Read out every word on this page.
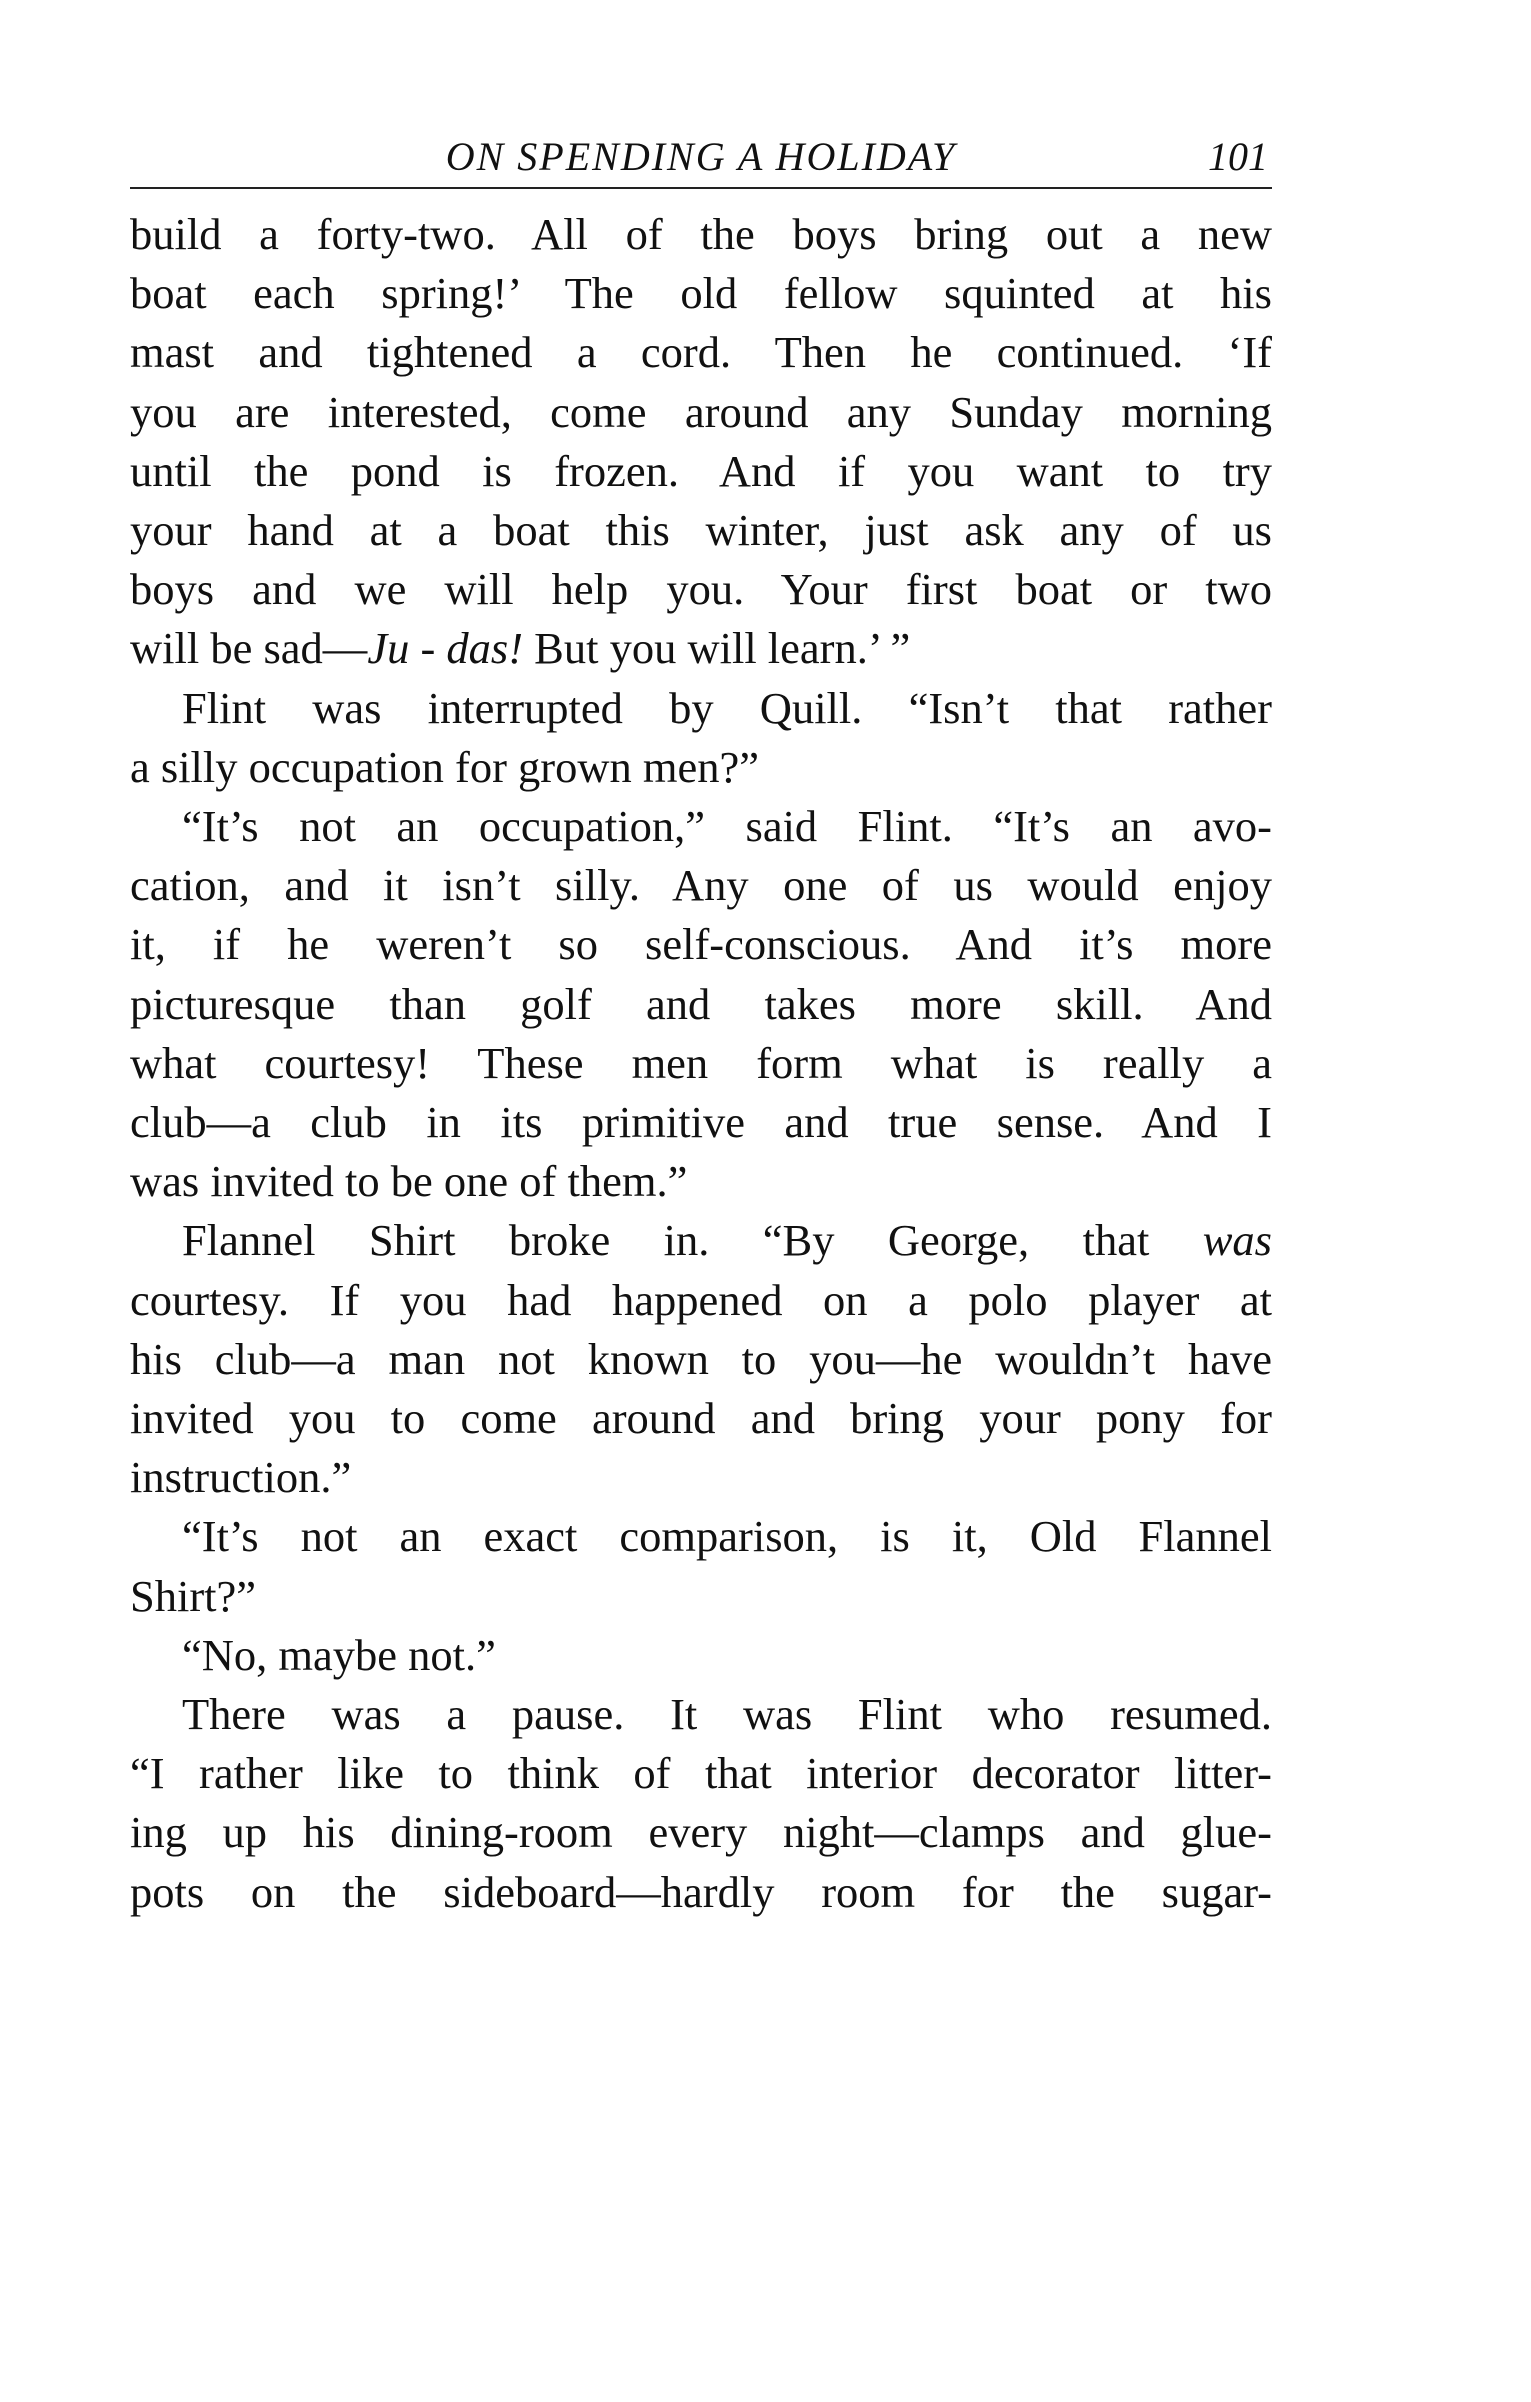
ON SPENDING A HOLIDAY	101
build a forty-two. All of the boys bring out a new
boat each spring!’ The old fellow squinted at his
mast and tightened a cord. Then he continued. ‘If
you are interested, come around any Sunday morning
until the pond is frozen. And if you want to try
your hand at a boat this winter, just ask any of us
boys and we will help you. Your first boat or two
will be sad—Ju - das! But you will learn.’ ”
Flint was interrupted by Quill. “Isn’t that rather
a silly occupation for grown men?”
“It’s not an occupation,” said Flint. “It’s an avo-
cation, and it isn’t silly. Any one of us would enjoy
it, if he weren’t so self-conscious. And it’s more
picturesque than golf and takes more skill. And
what courtesy! These men form what is really a
club—a club in its primitive and true sense. And I
was invited to be one of them.”
Flannel Shirt broke in. “By George, that was
courtesy. If you had happened on a polo player at
his club—a man not known to you—he wouldn’t have
invited you to come around and bring your pony for
instruction.”
“It’s not an exact comparison, is it, Old Flannel
Shirt?”
“No, maybe not.”
There was a pause. It was Flint who resumed.
“I rather like to think of that interior decorator litter-
ing up his dining-room every night—clamps and glue-
pots on the sideboard—hardly room for the sugar-
